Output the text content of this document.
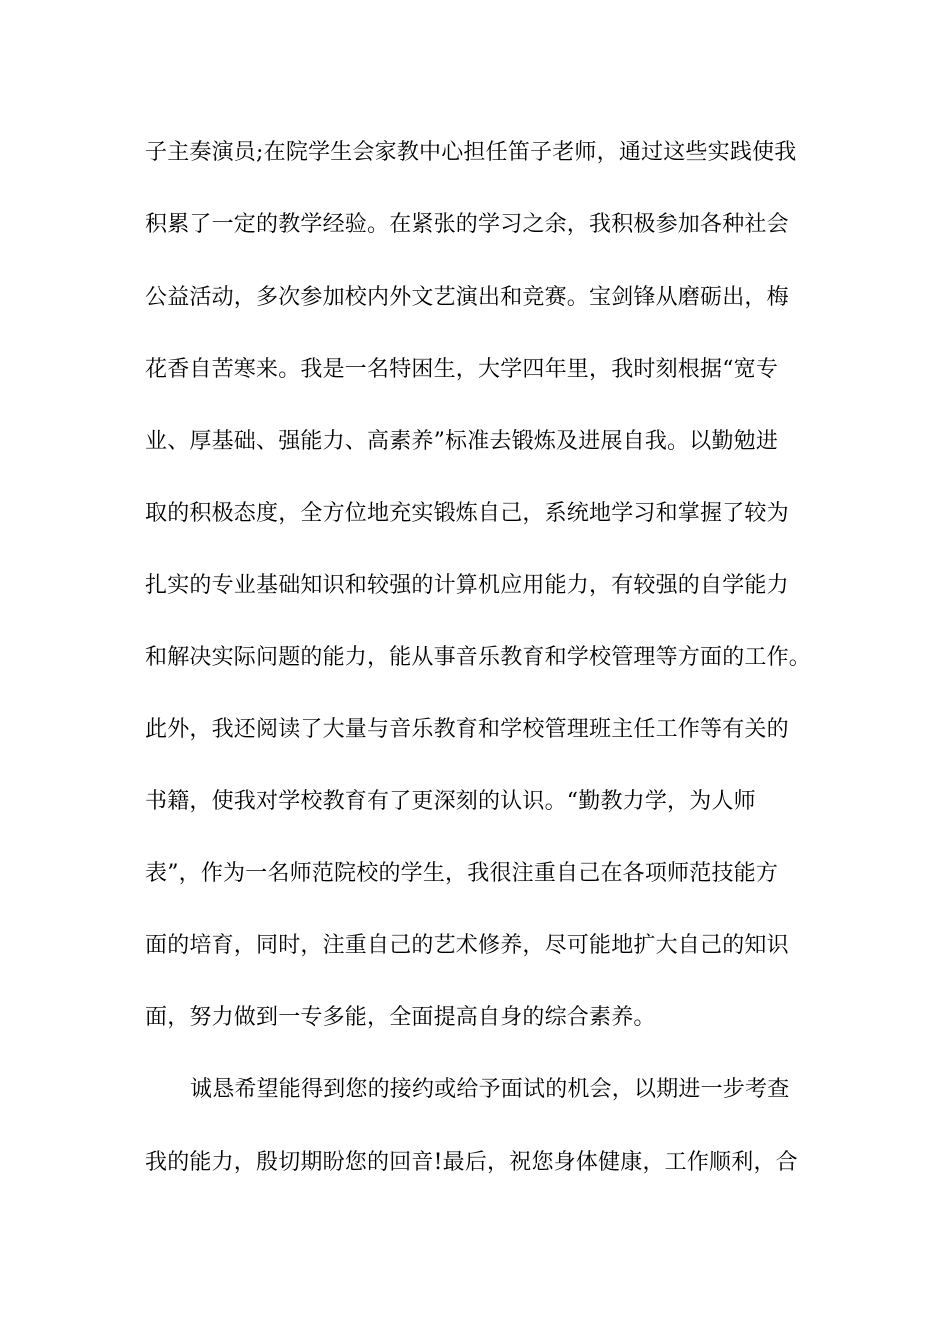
子主奏演员;在院学生会家教中心担任笛子老师，通过这些实践使我
积累了一定的教学经验。在紧张的学习之余，我积极参加各种社会
公益活动，多次参加校内外文艺演出和竞赛。宝剑锋从磨砺出，梅
花香自苦寒来。我是一名特困生，大学四年里，我时刻根据“宽专
业、厚基础、强能力、高素养”标准去锻炼及进展自我。以勤勉进
取的积极态度，全方位地充实锻炼自己，系统地学习和掌握了较为
扎实的专业基础知识和较强的计算机应用能力，有较强的自学能力
和解决实际问题的能力，能从事音乐教育和学校管理等方面的工作。
此外，我还阅读了大量与音乐教育和学校管理班主任工作等有关的
书籍，使我对学校教育有了更深刻的认识。“勤教力学，为人师
表”，作为一名师范院校的学生，我很注重自己在各项师范技能方
面的培育，同时，注重自己的艺术修养，尽可能地扩大自己的知识
面，努力做到一专多能，全面提高自身的综合素养。
诚恳希望能得到您的接约或给予面试的机会，以期进一步考查
我的能力，殷切期盼您的回音!最后，祝您身体健康，工作顺利，合
